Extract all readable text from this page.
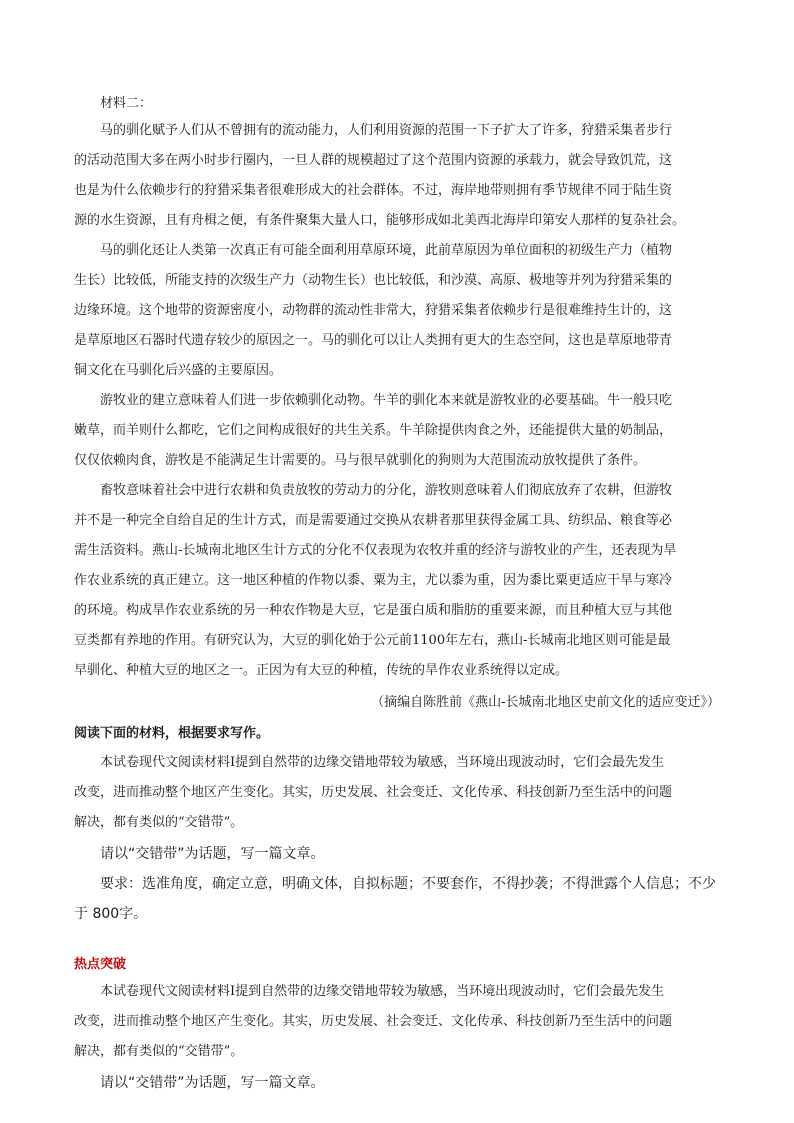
材料二：
马的驯化赋予人们从不曾拥有的流动能力，人们利用资源的范围一下子扩大了许多，狩猎采集者步行
的活动范围大多在两小时步行圈内，一旦人群的规模超过了这个范围内资源的承载力，就会导致饥荒，这
也是为什么依赖步行的狩猎采集者很难形成大的社会群体。不过，海岸地带则拥有季节规律不同于陆生资
源的水生资源，且有舟楫之便，有条件聚集大量人口，能够形成如北美西北海岸印第安人那样的复杂社会。
马的驯化还让人类第一次真正有可能全面利用草原环境，此前草原因为单位面积的初级生产力（植物
生长）比较低，所能支持的次级生产力（动物生长）也比较低，和沙漠、高原、极地等并列为狩猎采集的
边缘环境。这个地带的资源密度小，动物群的流动性非常大，狩猎采集者依赖步行是很难维持生计的，这
是草原地区石器时代遗存较少的原因之一。马的驯化可以让人类拥有更大的生态空间，这也是草原地带青
铜文化在马驯化后兴盛的主要原因。
游牧业的建立意味着人们进一步依赖驯化动物。牛羊的驯化本来就是游牧业的必要基础。牛一般只吃
嫩草，而羊则什么都吃，它们之间构成很好的共生关系。牛羊除提供肉食之外，还能提供大量的奶制品，
仅仅依赖肉食，游牧是不能满足生计需要的。马与很早就驯化的狗则为大范围流动放牧提供了条件。
畜牧意味着社会中进行农耕和负责放牧的劳动力的分化，游牧则意味着人们彻底放弃了农耕，但游牧
并不是一种完全自给自足的生计方式，而是需要通过交换从农耕者那里获得金属工具、纺织品、粮食等必
需生活资料。燕山-长城南北地区生计方式的分化不仅表现为农牧并重的经济与游牧业的产生，还表现为旱
作农业系统的真正建立。这一地区种植的作物以黍、粟为主，尤以黍为重，因为黍比粟更适应干旱与寒冷
的环境。构成旱作农业系统的另一种农作物是大豆，它是蛋白质和脂肪的重要来源，而且种植大豆与其他
豆类都有养地的作用。有研究认为，大豆的驯化始于公元前1100年左右，燕山-长城南北地区则可能是最
早驯化、种植大豆的地区之一。正因为有大豆的种植，传统的旱作农业系统得以定成。
（摘编自陈胜前《燕山-长城南北地区史前文化的适应变迁》）
阅读下面的材料，根据要求写作。
本试卷现代文阅读材料Ⅰ提到自然带的边缘交错地带较为敏感，当环境出现波动时，它们会最先发生
改变，进而推动整个地区产生变化。其实，历史发展、社会变迁、文化传承、科技创新乃至生活中的问题
解决，都有类似的“交错带”。
请以“交错带”为话题，写一篇文章。
要求：选准角度，确定立意，明确文体，自拟标题；不要套作，不得抄袭；不得泄露个人信息；不少
于 800字。
热点突破
本试卷现代文阅读材料Ⅰ提到自然带的边缘交错地带较为敏感，当环境出现波动时，它们会最先发生
改变，进而推动整个地区产生变化。其实，历史发展、社会变迁、文化传承、科技创新乃至生活中的问题
解决，都有类似的“交错带”。
请以“交错带”为话题，写一篇文章。
